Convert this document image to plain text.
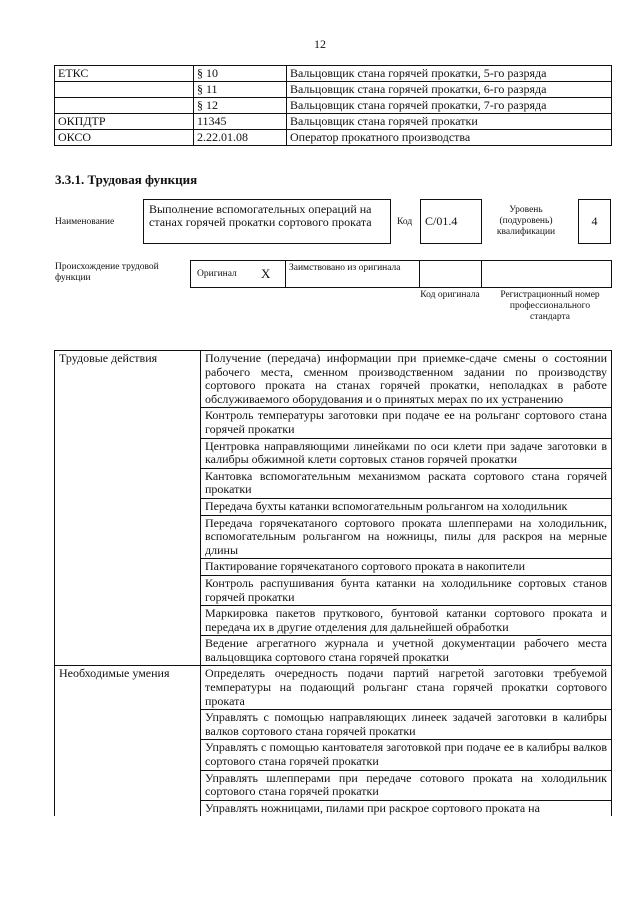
12
ЕТКС	§ 10	Вальцовщик стана горячей прокатки, 5-го разряда
	§ 11	Вальцовщик стана горячей прокатки, 6-го разряда
	§ 12	Вальцовщик стана горячей прокатки, 7-го разряда
ОКПДТР	11345	Вальцовщик стана горячей прокатки
ОКСО	2.22.01.08	Оператор прокатного производства
3.3.1. Трудовая функция
Наименование
Выполнение вспомогательных операций на станах горячей прокатки сортового проката	Код	C/01.4
Уровень (подуровень) квалификации
4
Происхождение трудовой функции	Оригинал X Заимствовано из оригинала
Код оригинала	Регистрационный номер профессионального стандарта
Трудовые действия	Получение (передача) информации при приемке-сдаче смены о состоянии рабочего места, сменном производственном задании по производству сортового проката на станах горячей прокатки, неполадках в работе обслуживаемого оборудования и о принятых мерах по их устранению
	Контроль температуры заготовки при подаче ее на рольганг сортового стана горячей прокатки
	Центровка направляющими линейками по оси клети при задаче заготовки в калибры обжимной клети сортовых станов горячей прокатки
	Кантовка вспомогательным механизмом раската сортового стана горячей прокатки
	Передача бухты катанки вспомогательным рольгангом на холодильник
	Передача горячекатаного сортового проката шлепперами на холодильник, вспомогательным рольгангом на ножницы, пилы для раскроя на мерные длины
	Пактирование горячекатаного сортового проката в накопители
	Контроль распушивания бунта катанки на холодильнике сортовых станов горячей прокатки
	Маркировка пакетов пруткового, бунтовой катанки сортового проката и передача их в другие отделения для дальнейшей обработки
	Ведение агрегатного журнала и учетной документации рабочего места вальцовщика сортового стана горячей прокатки
Необходимые умения	Определять очередность подачи партий нагретой заготовки требуемой температуры на подающий рольганг стана горячей прокатки сортового проката
	Управлять с помощью направляющих линеек задачей заготовки в калибры валков сортового стана горячей прокатки
	Управлять с помощью кантователя заготовкой при подаче ее в калибры валков сортового стана горячей прокатки
	Управлять шлепперами при передаче сотового проката на холодильник сортового стана горячей прокатки
	Управлять ножницами, пилами при раскрое сортового проката на
